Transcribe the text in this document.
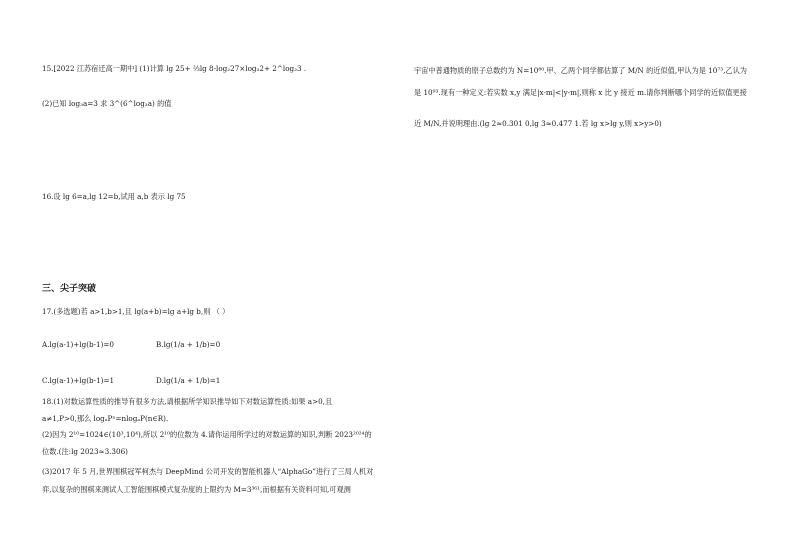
15.[2022 江苏宿迁高一期中] (1)计算 lg 25+ ⅔lg 8-log₂27×log₃2+ 2^log₂3 .
(2)已知 log₃a=3 求 3^(6^log₃a) 的值
16.设 lg 6=a,lg 12=b,试用 a,b 表示 lg 75
三、尖子突破
17.(多选题)若 a>1,b>1,且 lg(a+b)=lg a+lg b,则 （ ）
A.lg(a-1)+lg(b-1)=0	B.lg(1/a + 1/b)=0
C.lg(a-1)+lg(b-1)=1	D.lg(1/a + 1/b)=1
18.(1)对数运算性质的推导有很多方法,请根据所学知识推导如下对数运算性质:如果 a>0,且
a≠1,P>0,那么 logₐPⁿ=nlogₐP(n∈R).
(2)因为 2¹⁰=1024∈(10³,10⁴),所以 2¹⁰的位数为 4.请你运用所学过的对数运算的知识,判断 2023²⁰²⁴的
位数.(注:lg 2023≈3.306)
(3)2017 年 5 月,世界围棋冠军柯杰与 DeepMind 公司开发的智能机器人“AlphaGo”进行了三局人机对
弈,以复杂的围棋来测试人工智能围棋模式复杂度的上限约为 M=3³⁶¹,而根据有关资料可知,可观测
宇宙中普通物质的原子总数约为 N=10⁸⁰.甲、乙两个同学都估算了 M/N 的近似值,甲认为是 10⁷³,乙认为
是 10⁹³.现有一种定义:若实数 x,y 满足|x-m|<|y-m|,则称 x 比 y 接近 m.请你判断哪个同学的近似值更接
近 M/N,并说明理由.(lg 2≈0.301 0,lg 3≈0.477 1.若 lg x>lg y,则 x>y>0)
